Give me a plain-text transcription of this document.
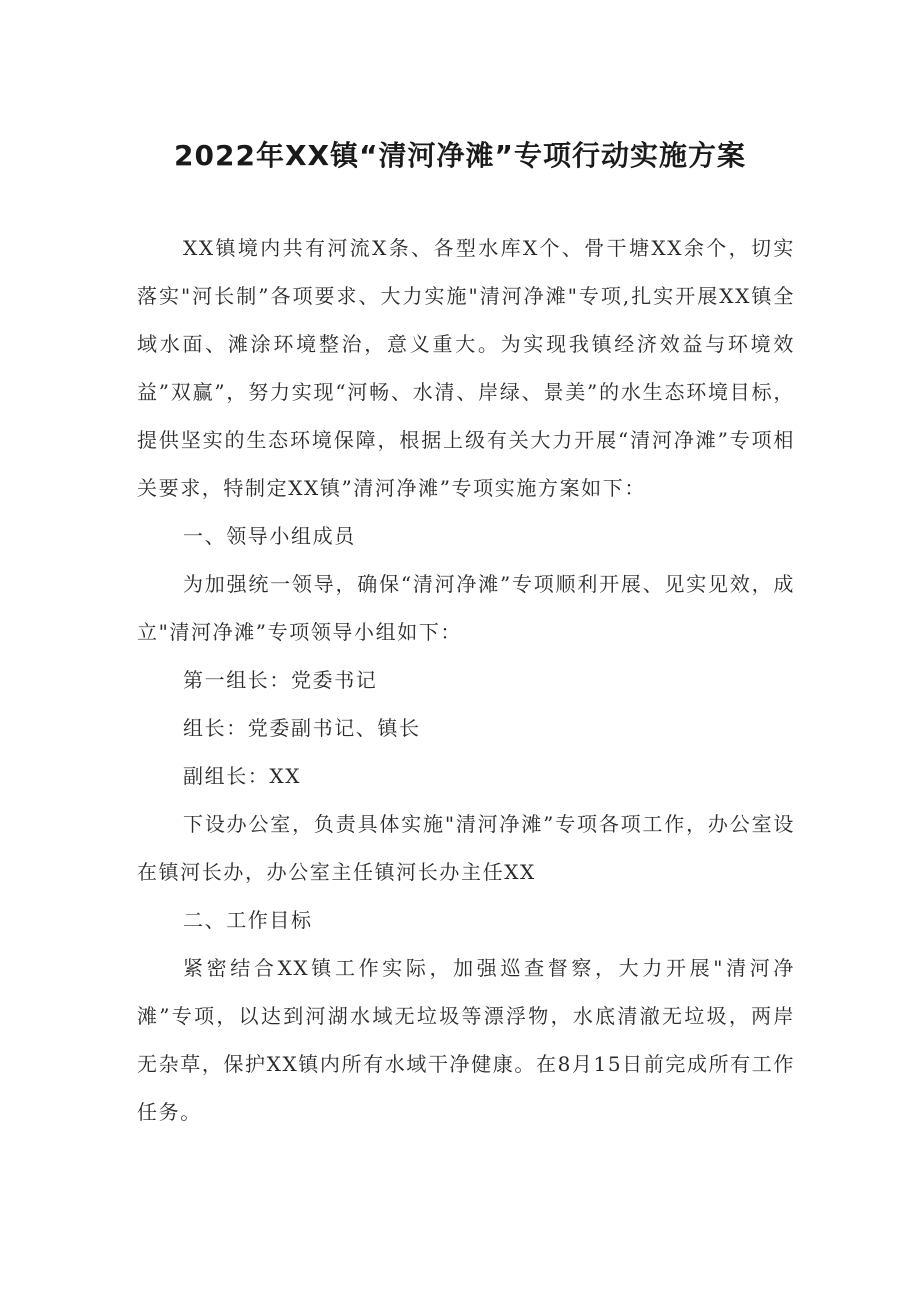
2022年XX镇“清河净滩”专项行动实施方案

XX镇境内共有河流X条、各型水库X个、骨干塘XX余个，切实落实"河长制”各项要求、大力实施"清河净滩"专项,扎实开展XX镇全域水面、滩涂环境整治，意义重大。为实现我镇经济效益与环境效益”双赢”，努力实现“河畅、水清、岸绿、景美”的水生态环境目标，提供坚实的生态环境保障，根据上级有关大力开展“清河净滩”专项相关要求，特制定XX镇”清河净滩”专项实施方案如下：

一、领导小组成员

为加强统一领导，确保“清河净滩”专项顺利开展、见实见效，成立"清河净滩”专项领导小组如下：

第一组长：党委书记

组长：党委副书记、镇长

副组长：XX

下设办公室，负责具体实施"清河净滩”专项各项工作，办公室设在镇河长办，办公室主任镇河长办主任XX

二、工作目标

紧密结合XX镇工作实际，加强巡查督察，大力开展"清河净滩”专项，以达到河湖水域无垃圾等漂浮物，水底清澈无垃圾，两岸无杂草，保护XX镇内所有水域干净健康。在8月15日前完成所有工作任务。
